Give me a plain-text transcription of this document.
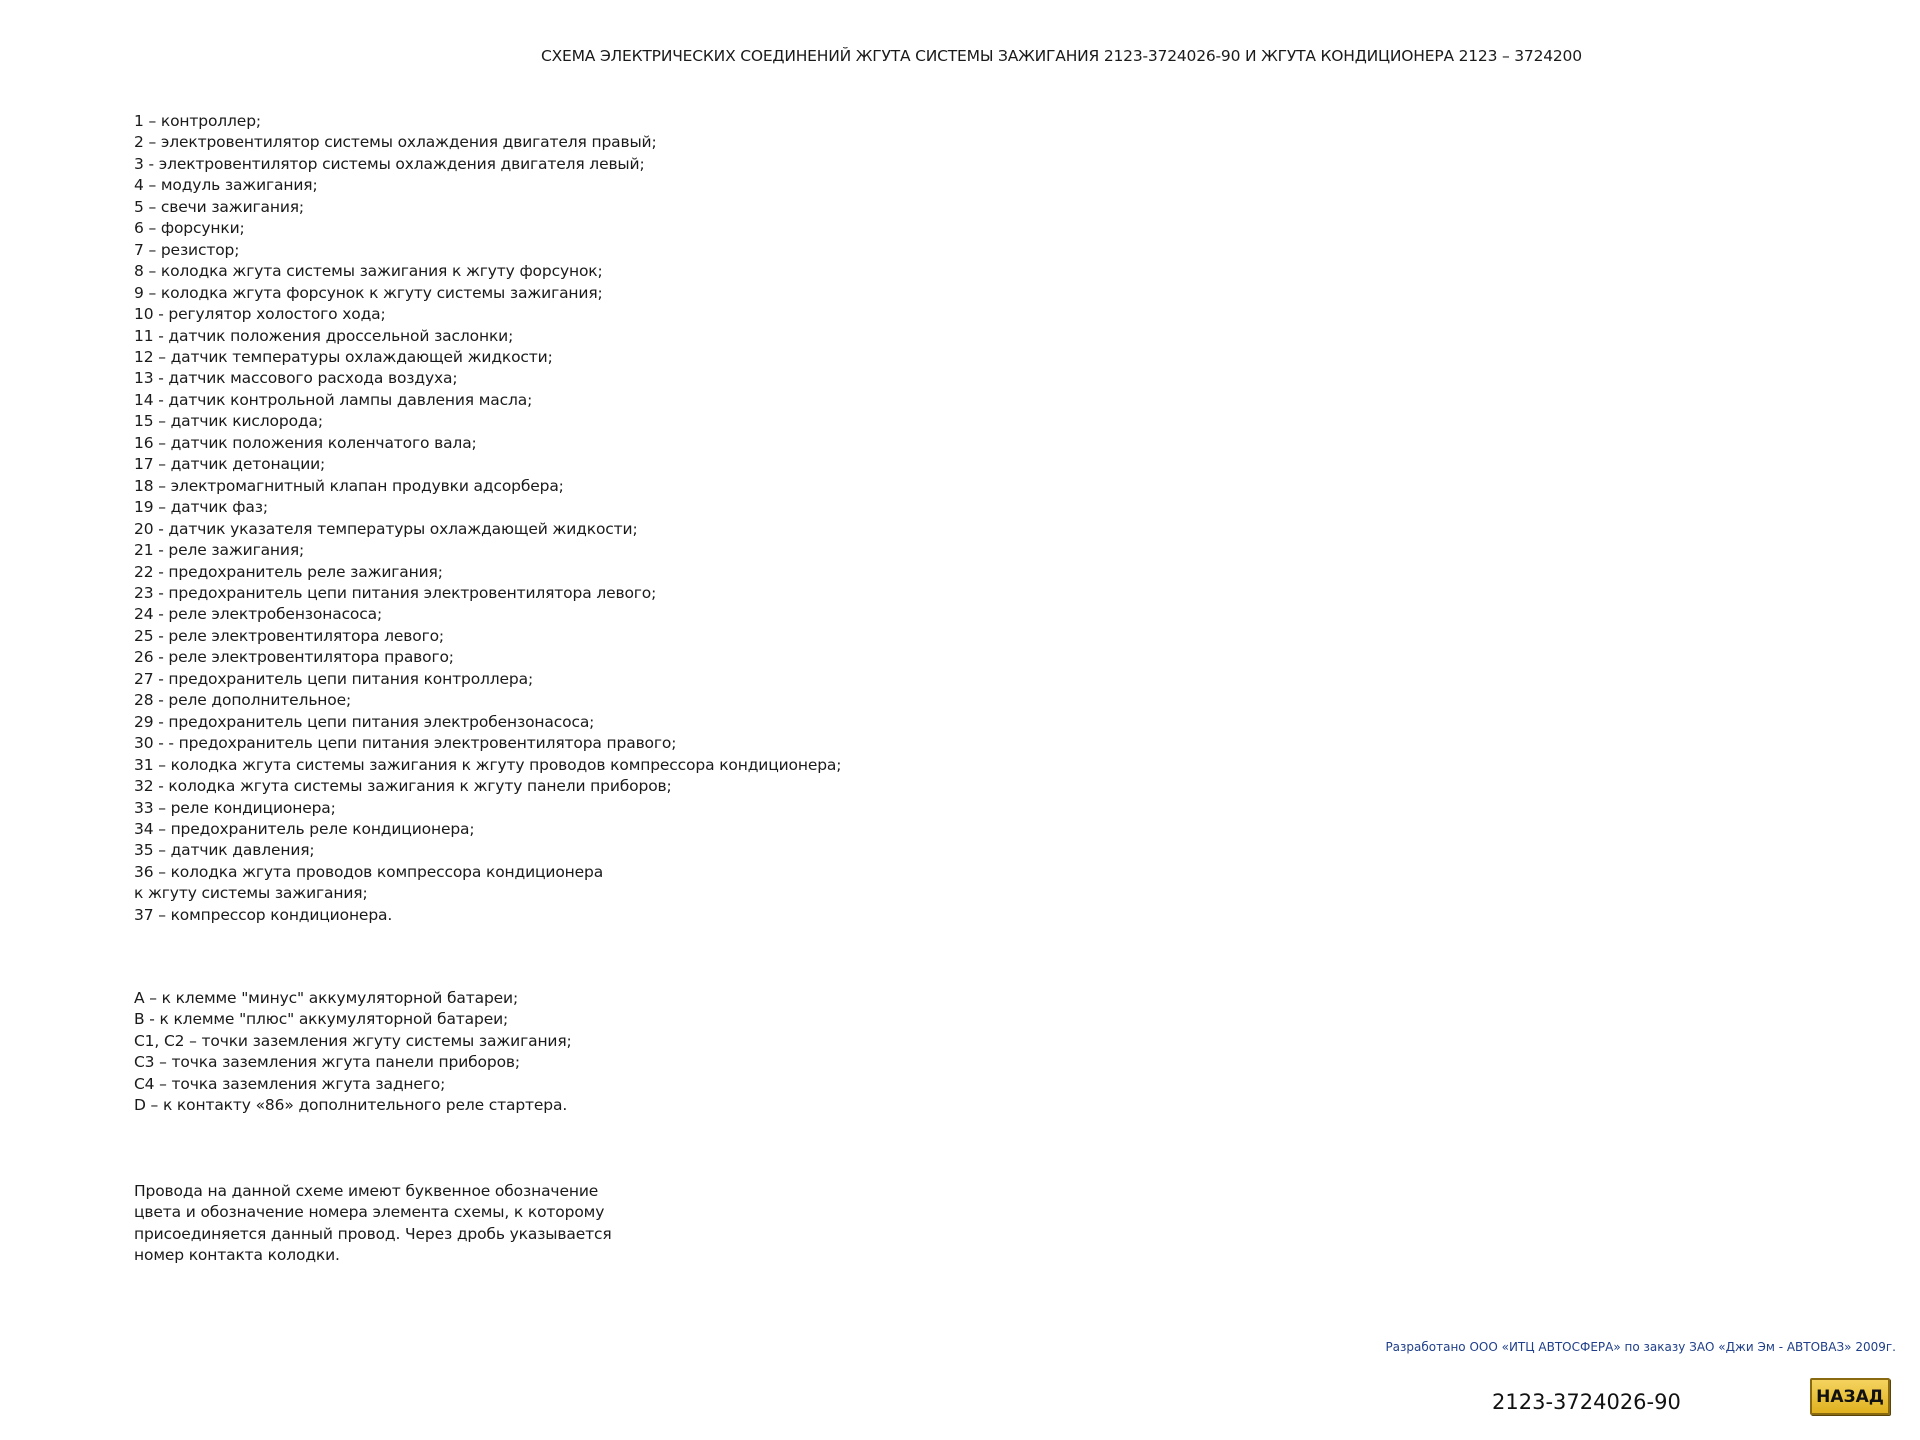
СХЕМА ЭЛЕКТРИЧЕСКИХ СОЕДИНЕНИЙ ЖГУТА СИСТЕМЫ ЗАЖИГАНИЯ 2123-3724026-90 И ЖГУТА КОНДИЦИОНЕРА 2123 – 3724200
1 – контроллер;
2 – электровентилятор системы охлаждения двигателя правый;
3 - электровентилятор системы охлаждения двигателя левый;
4 – модуль зажигания;
5 – свечи зажигания;
6 – форсунки;
7 – резистор;
8 – колодка жгута системы зажигания к жгуту форсунок;
9 – колодка жгута форсунок к жгуту системы зажигания;
10 - регулятор холостого хода;
11 - датчик положения дроссельной заслонки;
12 – датчик температуры охлаждающей жидкости;
13 - датчик массового расхода воздуха;
14 - датчик контрольной лампы давления масла;
15 – датчик кислорода;
16 – датчик положения коленчатого вала;
17 – датчик детонации;
18 – электромагнитный клапан продувки адсорбера;
19 – датчик фаз;
20 - датчик указателя температуры охлаждающей жидкости;
21 - реле зажигания;
22 - предохранитель реле зажигания;
23 - предохранитель цепи питания электровентилятора левого;
24 - реле электробензонасоса;
25 - реле электровентилятора левого;
26 - реле электровентилятора правого;
27 - предохранитель цепи питания контроллера;
28 - реле дополнительное;
29 - предохранитель цепи питания электробензонасоса;
30 - - предохранитель цепи питания электровентилятора правого;
31 – колодка жгута системы зажигания к жгуту проводов компрессора кондиционера;
32 - колодка жгута системы зажигания к жгуту панели приборов;
33 – реле кондиционера;
34 – предохранитель реле кондиционера;
35 – датчик давления;
36 – колодка жгута проводов компрессора кондиционера
к жгуту системы зажигания;
37 – компрессор кондиционера.
A – к клемме "минус" аккумуляторной батареи;
B - к клемме "плюс" аккумуляторной батареи;
C1, C2 – точки заземления жгуту системы зажигания;
C3 – точка заземления жгута панели приборов;
C4 – точка заземления жгута заднего;
D – к контакту «86» дополнительного реле стартера.
Провода на данной схеме имеют буквенное обозначение
цвета и обозначение номера элемента схемы, к которому
присоединяется данный провод. Через дробь указывается
номер контакта колодки.
Разработано ООО «ИТЦ АВТОСФЕРА» по заказу ЗАО «Джи Эм - АВТОВАЗ» 2009г.
2123-3724026-90	НАЗАД
